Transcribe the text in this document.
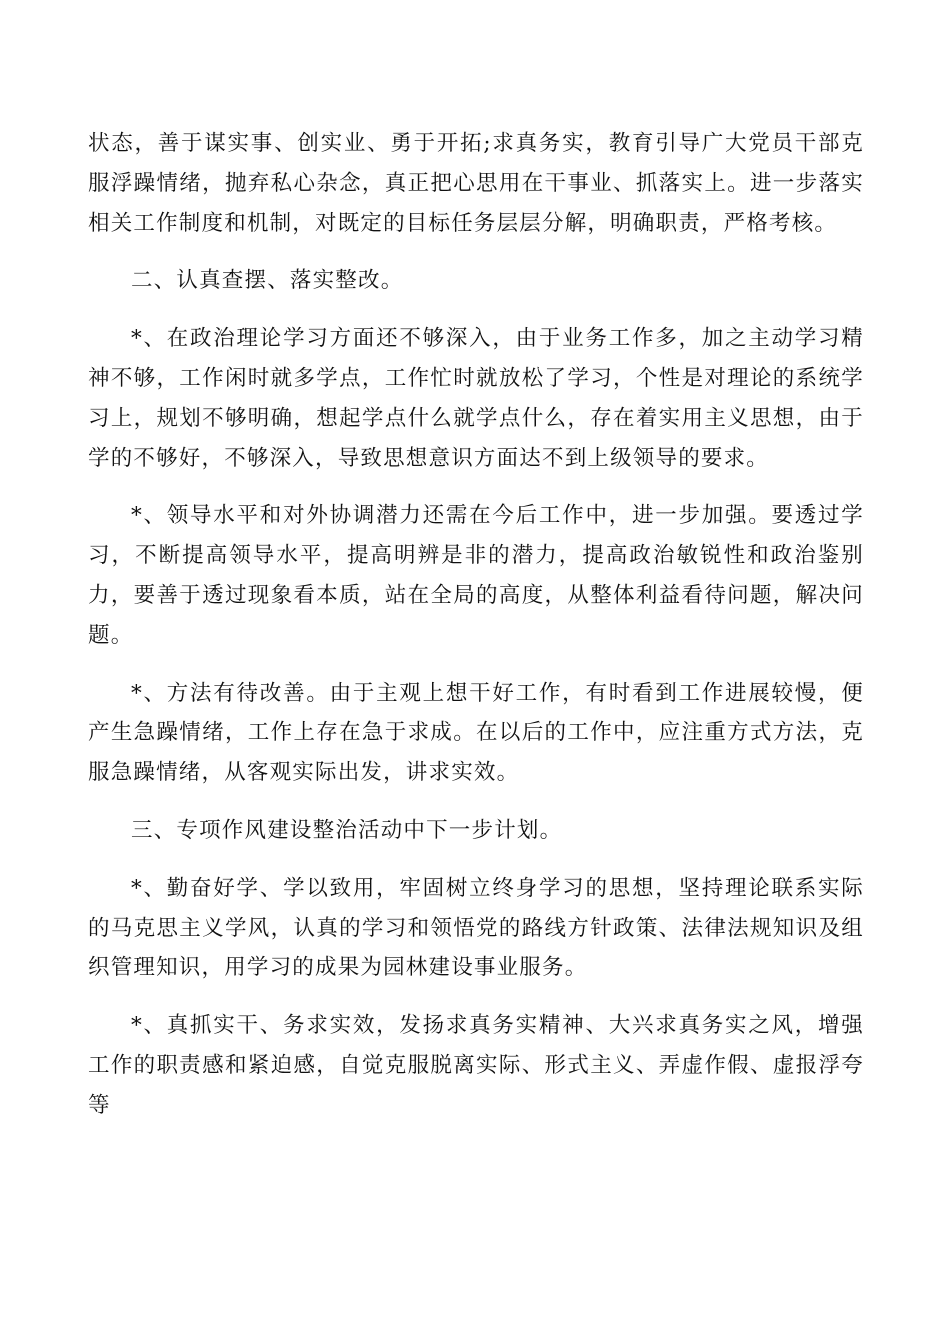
状态，善于谋实事、创实业、勇于开拓;求真务实，教育引导广大党员干部克服浮躁情绪，抛弃私心杂念，真正把心思用在干事业、抓落实上。进一步落实相关工作制度和机制，对既定的目标任务层层分解，明确职责，严格考核。

二、认真查摆、落实整改。

*、在政治理论学习方面还不够深入，由于业务工作多，加之主动学习精神不够，工作闲时就多学点，工作忙时就放松了学习，个性是对理论的系统学习上，规划不够明确，想起学点什么就学点什么，存在着实用主义思想，由于学的不够好，不够深入，导致思想意识方面达不到上级领导的要求。

*、领导水平和对外协调潜力还需在今后工作中，进一步加强。要透过学习，不断提高领导水平，提高明辨是非的潜力，提高政治敏锐性和政治鉴别力，要善于透过现象看本质，站在全局的高度，从整体利益看待问题，解决问题。

*、方法有待改善。由于主观上想干好工作，有时看到工作进展较慢，便产生急躁情绪，工作上存在急于求成。在以后的工作中，应注重方式方法，克服急躁情绪，从客观实际出发，讲求实效。

三、专项作风建设整治活动中下一步计划。

*、勤奋好学、学以致用，牢固树立终身学习的思想，坚持理论联系实际的马克思主义学风，认真的学习和领悟党的路线方针政策、法律法规知识及组织管理知识，用学习的成果为园林建设事业服务。

*、真抓实干、务求实效，发扬求真务实精神、大兴求真务实之风，增强工作的职责感和紧迫感，自觉克服脱离实际、形式主义、弄虚作假、虚报浮夸等
